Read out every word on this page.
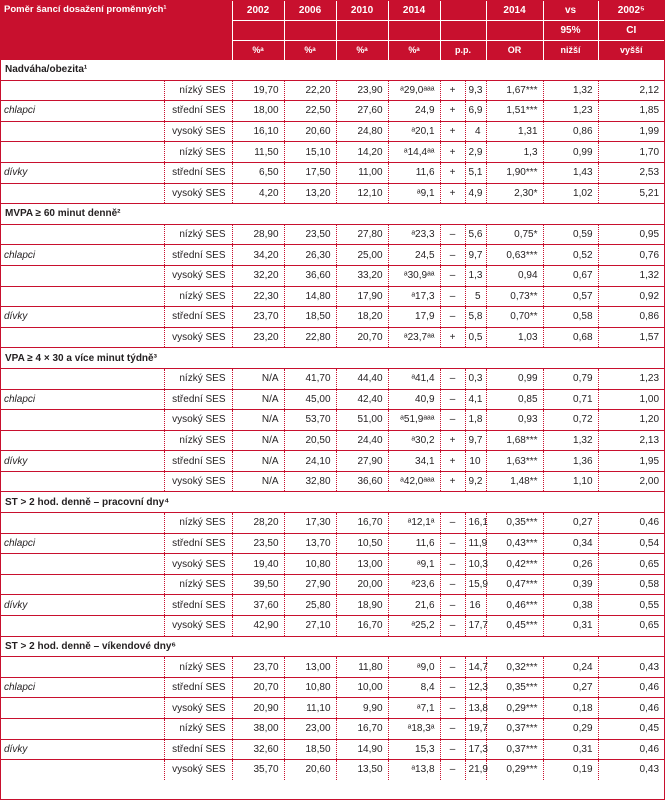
Poměr šancí dosažení proměnných¹		2002	2006	2010	2014			2014	vs	2002⁵
									95%	CI
		%ᵃ	%ᵃ	%ᵃ	%ᵃ	p.p.		OR	nižší	vyšší
Nadváha/obezita¹										
	nízký SES	19,70	22,20	23,90	ᵃ29,0ᵃᵃᵃ	+	9,3	1,67***	1,32	2,12
chlapci	střední SES	18,00	22,50	27,60	24,9	+	6,9	1,51***	1,23	1,85
	vysoký SES	16,10	20,60	24,80	ᵃ20,1	+	4	1,31	0,86	1,99
	nízký SES	11,50	15,10	14,20	ᵃ14,4ᵃᵃ	+	2,9	1,3	0,99	1,70
dívky	střední SES	6,50	17,50	11,00	11,6	+	5,1	1,90***	1,43	2,53
	vysoký SES	4,20	13,20	12,10	ᵃ9,1	+	4,9	2,30*	1,02	5,21
MVPA ≥ 60 minut denně²										
	nízký SES	28,90	23,50	27,80	ᵃ23,3	–	5,6	0,75*	0,59	0,95
chlapci	střední SES	34,20	26,30	25,00	24,5	–	9,7	0,63***	0,52	0,76
	vysoký SES	32,20	36,60	33,20	ᵃ30,9ᵃᵃ	–	1,3	0,94	0,67	1,32
	nízký SES	22,30	14,80	17,90	ᵃ17,3	–	5	0,73**	0,57	0,92
dívky	střední SES	23,70	18,50	18,20	17,9	–	5,8	0,70**	0,58	0,86
	vysoký SES	23,20	22,80	20,70	ᵃ23,7ᵃᵃ	+	0,5	1,03	0,68	1,57
VPA ≥ 4 × 30 a více minut týdně³										
	nízký SES	N/A	41,70	44,40	ᵃ41,4	–	0,3	0,99	0,79	1,23
chlapci	střední SES	N/A	45,00	42,40	40,9	–	4,1	0,85	0,71	1,00
	vysoký SES	N/A	53,70	51,00	ᵃ51,9ᵃᵃᵃ	–	1,8	0,93	0,72	1,20
	nízký SES	N/A	20,50	24,40	ᵃ30,2	+	9,7	1,68***	1,32	2,13
dívky	střední SES	N/A	24,10	27,90	34,1	+	10	1,63***	1,36	1,95
	vysoký SES	N/A	32,80	36,60	ᵃ42,0ᵃᵃᵃ	+	9,2	1,48**	1,10	2,00
ST > 2 hod. denně – pracovní dny⁴										
	nízký SES	28,20	17,30	16,70	ᵃ12,1ᵃ	–	16,1	0,35***	0,27	0,46
chlapci	střední SES	23,50	13,70	10,50	11,6	–	11,9	0,43***	0,34	0,54
	vysoký SES	19,40	10,80	13,00	ᵃ9,1	–	10,3	0,42***	0,26	0,65
	nízký SES	39,50	27,90	20,00	ᵃ23,6	–	15,9	0,47***	0,39	0,58
dívky	střední SES	37,60	25,80	18,90	21,6	–	16	0,46***	0,38	0,55
	vysoký SES	42,90	27,10	16,70	ᵃ25,2	–	17,7	0,45***	0,31	0,65
ST > 2 hod. denně – víkendové dny⁶										
	nízký SES	23,70	13,00	11,80	ᵃ9,0	–	14,7	0,32***	0,24	0,43
chlapci	střední SES	20,70	10,80	10,00	8,4	–	12,3	0,35***	0,27	0,46
	vysoký SES	20,90	11,10	9,90	ᵃ7,1	–	13,8	0,29***	0,18	0,46
	nízký SES	38,00	23,00	16,70	ᵃ18,3ᵃ	–	19,7	0,37***	0,29	0,45
dívky	střední SES	32,60	18,50	14,90	15,3	–	17,3	0,37***	0,31	0,46
	vysoký SES	35,70	20,60	13,50	ᵃ13,8	–	21,9	0,29***	0,19	0,43
